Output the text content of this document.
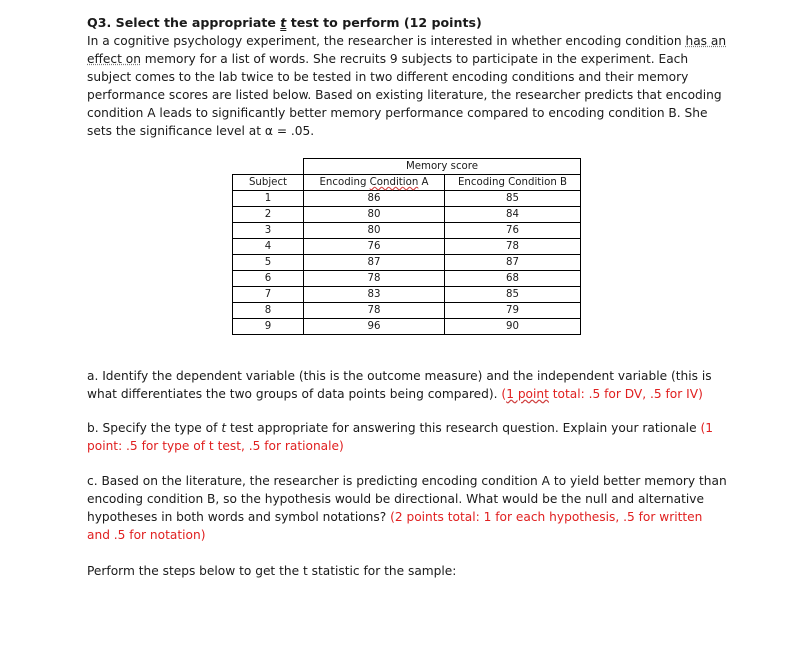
Q3. Select the appropriate t test to perform (12 points)

In a cognitive psychology experiment, the researcher is interested in whether encoding condition has an effect on memory for a list of words. She recruits 9 subjects to participate in the experiment. Each subject comes to the lab twice to be tested in two different encoding conditions and their memory performance scores are listed below. Based on existing literature, the researcher predicts that encoding condition A leads to significantly better memory performance compared to encoding condition B. She sets the significance level at α = .05.

	Memory score	
Subject	Encoding Condition A	Encoding Condition B
1	86	85
2	80	84
3	80	76
4	76	78
5	87	87
6	78	68
7	83	85
8	78	79
9	96	90

a. Identify the dependent variable (this is the outcome measure) and the independent variable (this is what differentiates the two groups of data points being compared). (1 point total: .5 for DV, .5 for IV)

b. Specify the type of t test appropriate for answering this research question. Explain your rationale (1 point: .5 for type of t test, .5 for rationale)

c. Based on the literature, the researcher is predicting encoding condition A to yield better memory than encoding condition B, so the hypothesis would be directional. What would be the null and alternative hypotheses in both words and symbol notations? (2 points total: 1 for each hypothesis, .5 for written and .5 for notation)

Perform the steps below to get the t statistic for the sample:
